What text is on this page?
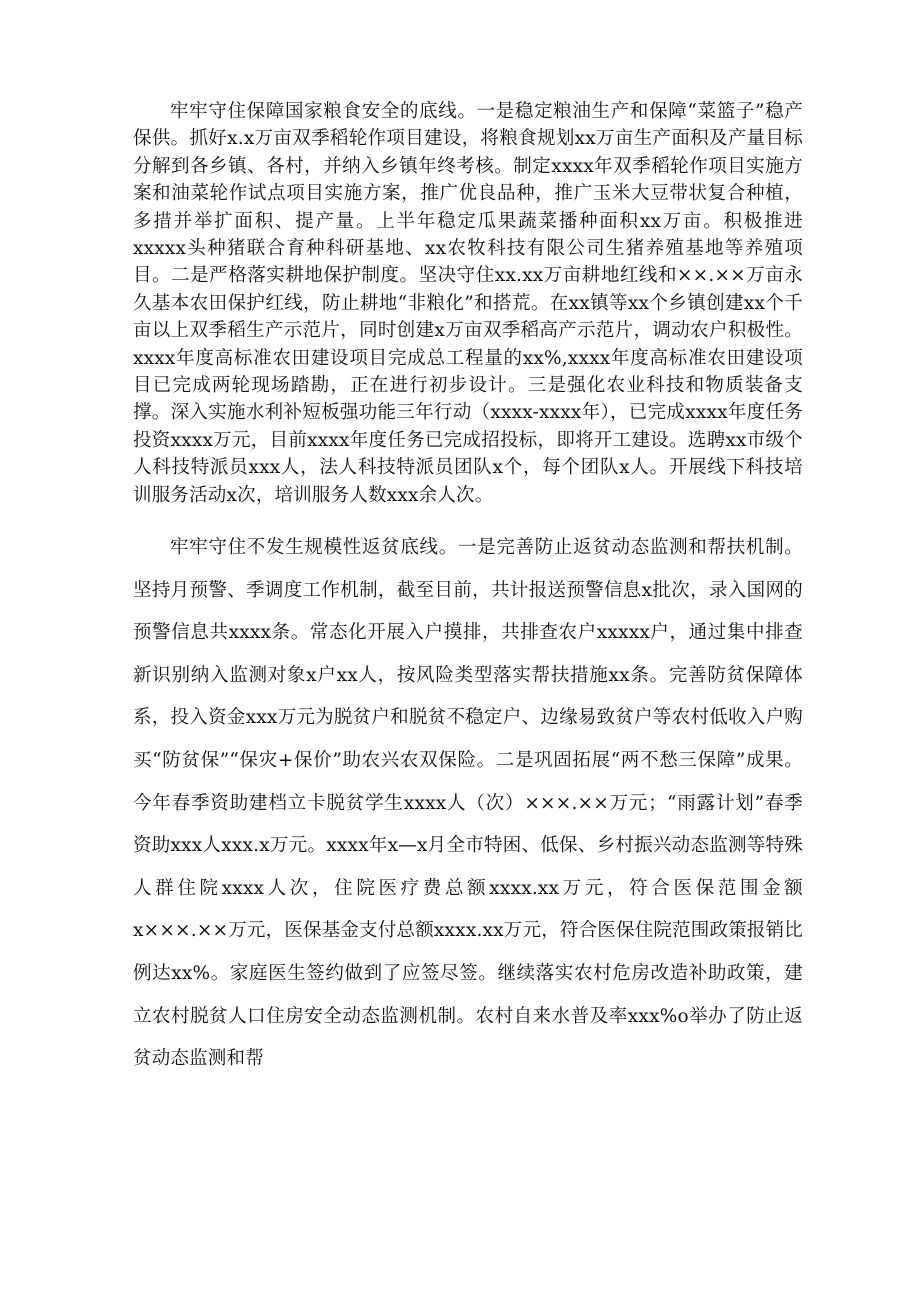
牢牢守住保障国家粮食安全的底线。一是稳定粮油生产和保障“菜篮子”稳产保供。抓好x.x万亩双季稻轮作项目建设，将粮食规划xx万亩生产面积及产量目标分解到各乡镇、各村，并纳入乡镇年终考核。制定xxxx年双季稻轮作项目实施方案和油菜轮作试点项目实施方案，推广优良品种，推广玉米大豆带状复合种植，多措并举扩面积、提产量。上半年稳定瓜果蔬菜播种面积xx万亩。积极推进xxxxx头种猪联合育种科研基地、xx农牧科技有限公司生猪养殖基地等养殖项目。二是严格落实耕地保护制度。坚决守住xx.xx万亩耕地红线和××.××万亩永久基本农田保护红线，防止耕地“非粮化”和搭荒。在xx镇等xx个乡镇创建xx个千亩以上双季稻生产示范片，同时创建x万亩双季稻高产示范片，调动农户积极性。xxxx年度高标准农田建设项目完成总工程量的xx%,xxxx年度高标准农田建设项目已完成两轮现场踏勘，正在进行初步设计。三是强化农业科技和物质装备支撑。深入实施水利补短板强功能三年行动（xxxx-xxxx年），已完成xxxx年度任务投资xxxx万元，目前xxxx年度任务已完成招投标，即将开工建设。选聘xx市级个人科技特派员xxx人，法人科技特派员团队x个，每个团队x人。开展线下科技培训服务活动x次，培训服务人数xxx余人次。

牢牢守住不发生规模性返贫底线。一是完善防止返贫动态监测和帮扶机制。坚持月预警、季调度工作机制，截至目前，共计报送预警信息x批次，录入国网的预警信息共xxxx条。常态化开展入户摸排，共排查农户xxxxx户，通过集中排查新识别纳入监测对象x户xx人，按风险类型落实帮扶措施xx条。完善防贫保障体系，投入资金xxx万元为脱贫户和脱贫不稳定户、边缘易致贫户等农村低收入户购买“防贫保”“保灾+保价”助农兴农双保险。二是巩固拓展“两不愁三保障”成果。今年春季资助建档立卡脱贫学生xxxx人（次）×××.××万元；“雨露计划”春季资助xxx人xxx.x万元。xxxx年x—x月全市特困、低保、乡村振兴动态监测等特殊人群住院xxxx人次，住院医疗费总额xxxx.xx万元，符合医保范围金额x×××.××万元，医保基金支付总额xxxx.xx万元，符合医保住院范围政策报销比例达xx%。家庭医生签约做到了应签尽签。继续落实农村危房改造补助政策，建立农村脱贫人口住房安全动态监测机制。农村自来水普及率xxx%o举办了防止返贫动态监测和帮
